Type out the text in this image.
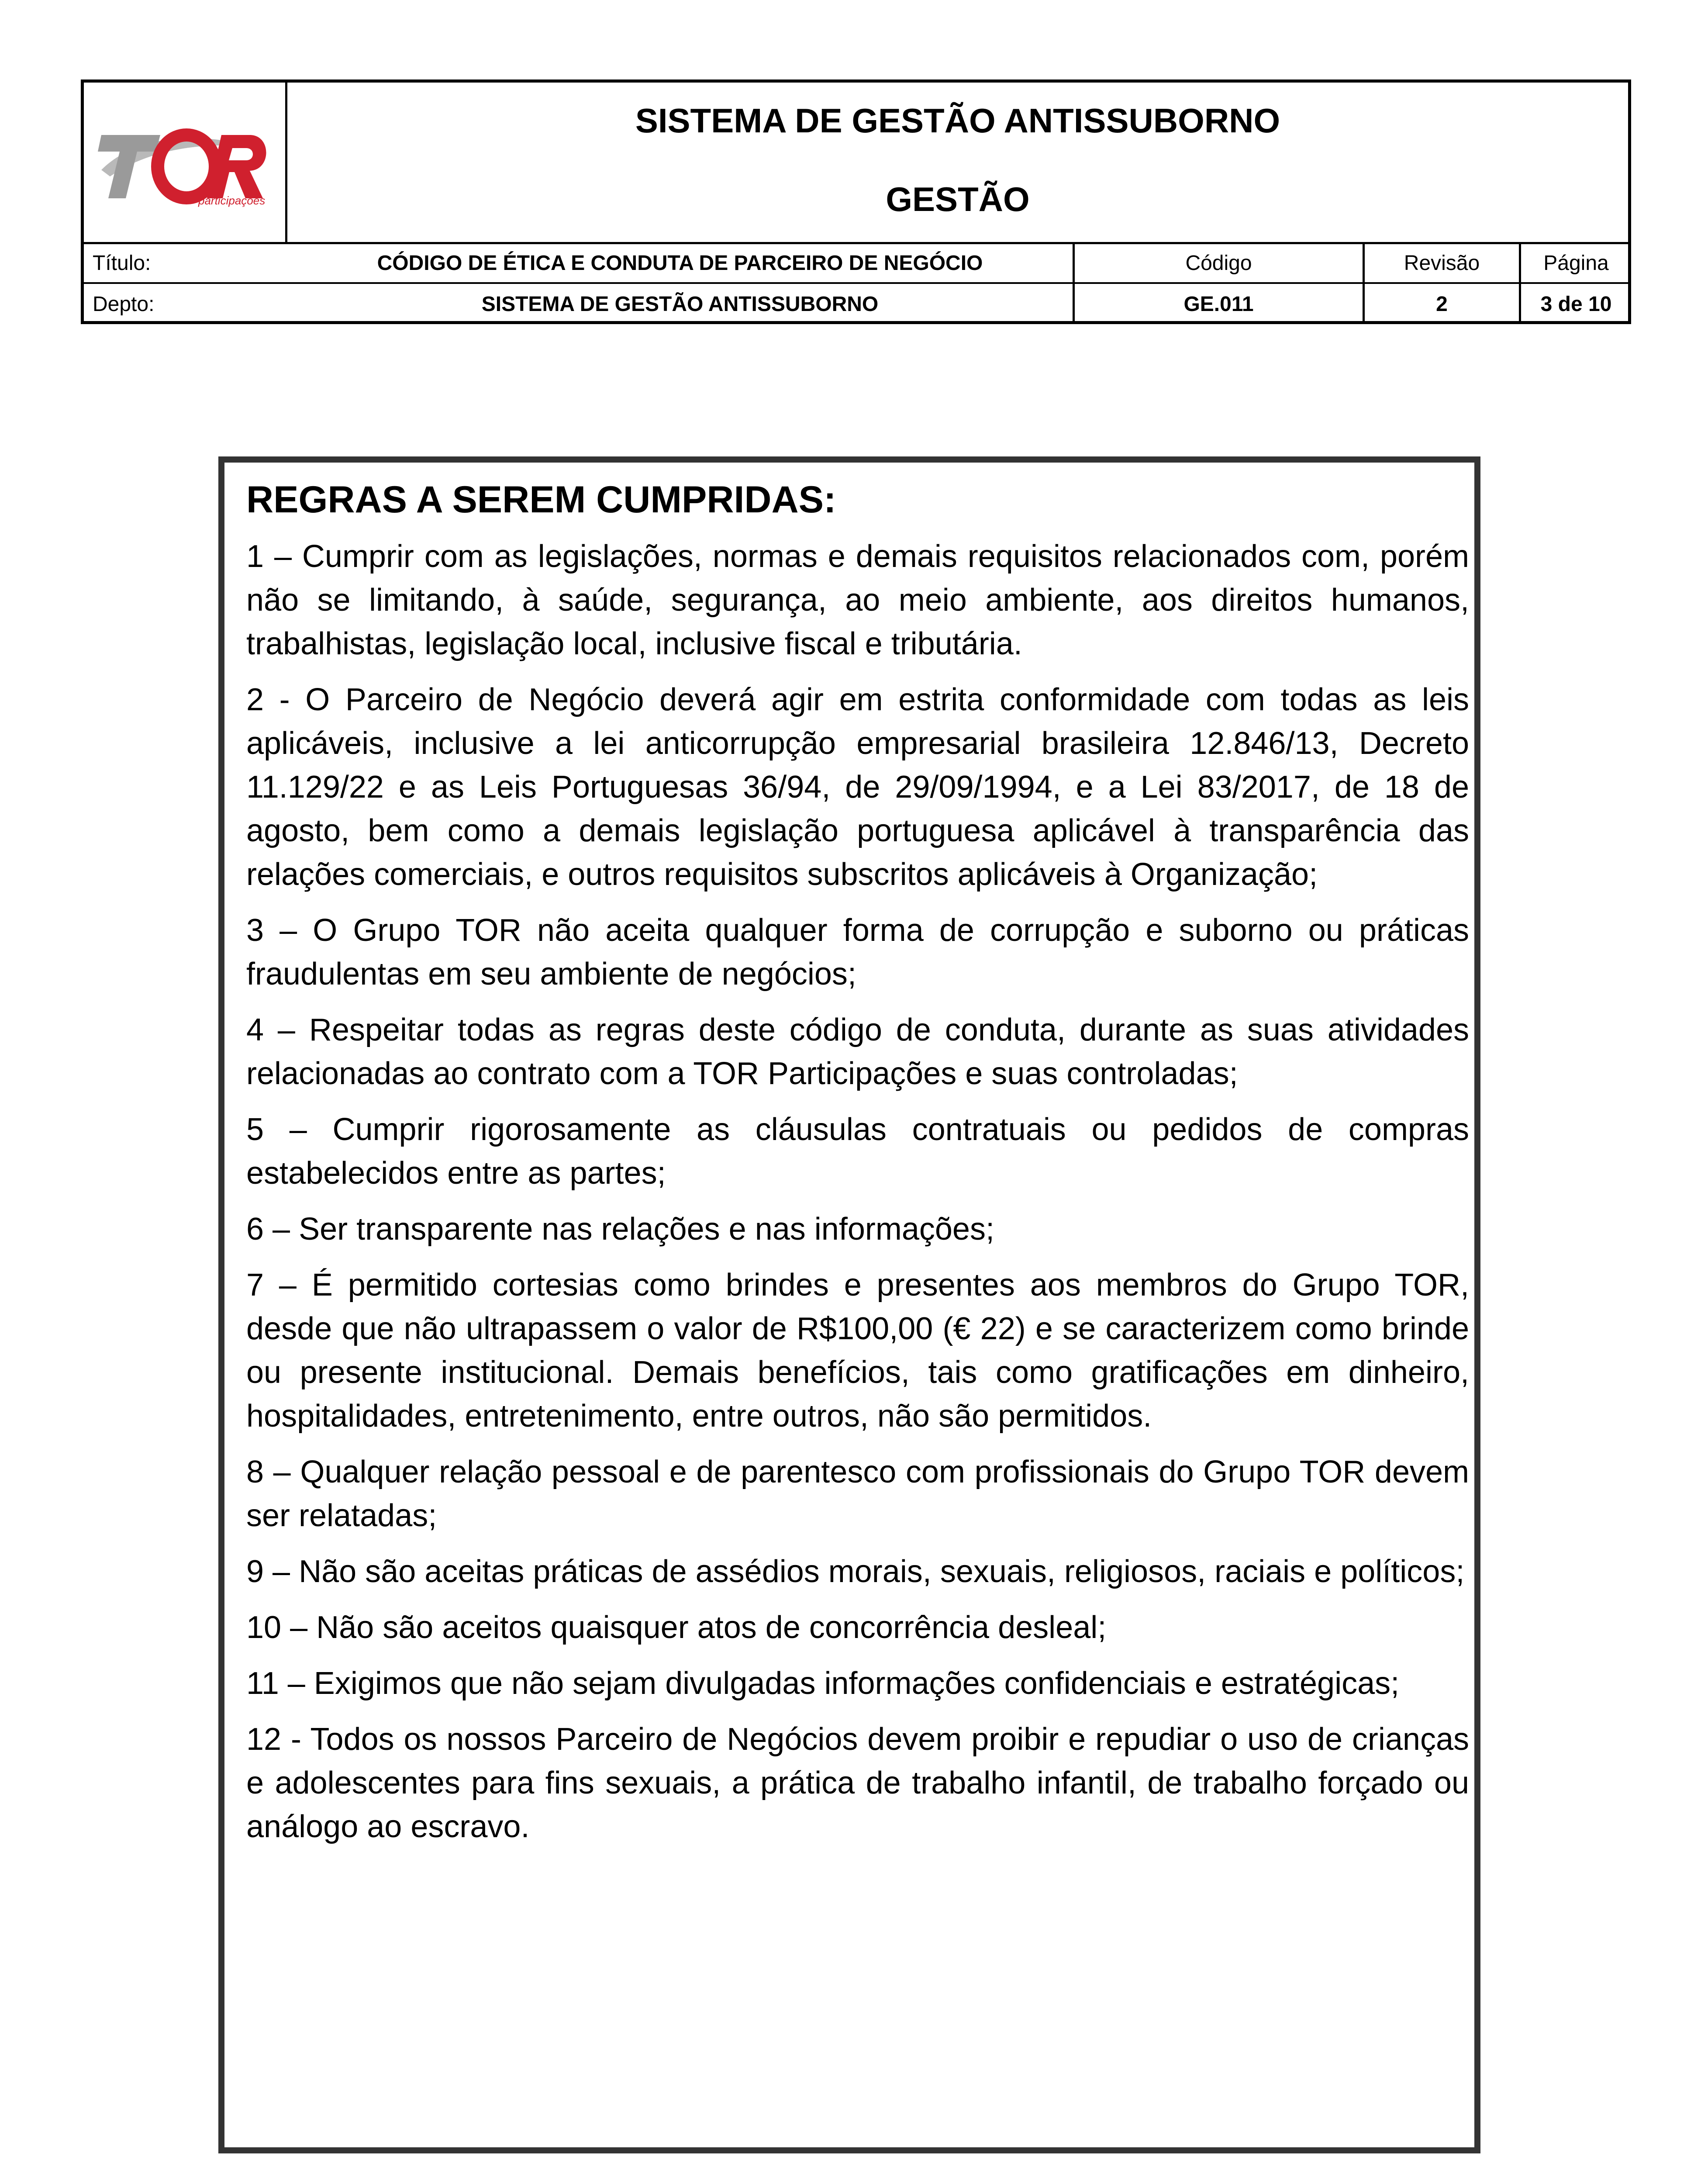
participações
SISTEMA DE GESTÃO ANTISSUBORNO
GESTÃO
Título:	CÓDIGO DE ÉTICA E CONDUTA DE PARCEIRO DE NEGÓCIO	Código	Revisão	Página
Depto:	SISTEMA DE GESTÃO ANTISSUBORNO	GE.011	2	3 de 10

REGRAS A SEREM CUMPRIDAS:

1 – Cumprir com as legislações, normas e demais requisitos relacionados com, porém não se limitando, à saúde, segurança, ao meio ambiente, aos direitos humanos, trabalhistas, legislação local, inclusive fiscal e tributária.

2 - O Parceiro de Negócio deverá agir em estrita conformidade com todas as leis aplicáveis, inclusive a lei anticorrupção empresarial brasileira 12.846/13, Decreto 11.129/22 e as Leis Portuguesas 36/94, de 29/09/1994, e a Lei 83/2017, de 18 de agosto, bem como a demais legislação portuguesa aplicável à transparência das relações comerciais, e outros requisitos subscritos aplicáveis à Organização;

3 – O Grupo TOR não aceita qualquer forma de corrupção e suborno ou práticas fraudulentas em seu ambiente de negócios;

4 – Respeitar todas as regras deste código de conduta, durante as suas atividades relacionadas ao contrato com a TOR Participações e suas controladas;

5 – Cumprir rigorosamente as cláusulas contratuais ou pedidos de compras estabelecidos entre as partes;

6 – Ser transparente nas relações e nas informações;

7 – É permitido cortesias como brindes e presentes aos membros do Grupo TOR, desde que não ultrapassem o valor de R$100,00 (€ 22) e se caracterizem como brinde ou presente institucional. Demais benefícios, tais como gratificações em dinheiro, hospitalidades, entretenimento, entre outros, não são permitidos.

8 – Qualquer relação pessoal e de parentesco com profissionais do Grupo TOR devem ser relatadas;

9 – Não são aceitas práticas de assédios morais, sexuais, religiosos, raciais e políticos;

10 – Não são aceitos quaisquer atos de concorrência desleal;

11 – Exigimos que não sejam divulgadas informações confidenciais e estratégicas;

12 - Todos os nossos Parceiro de Negócios devem proibir e repudiar o uso de crianças e adolescentes para fins sexuais, a prática de trabalho infantil, de trabalho forçado ou análogo ao escravo.
